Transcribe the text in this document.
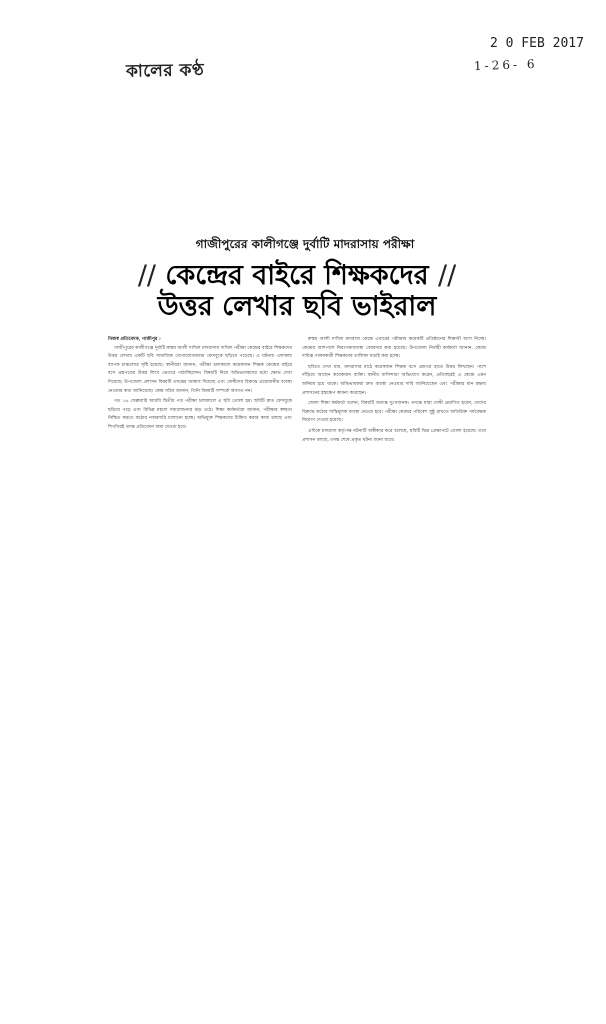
কালের কণ্ঠ
2 0 FEB 2017
1-26- 6
গাজীপুরের কালীগঞ্জে দুর্বাটি মাদরাসায় পরীক্ষা
// কেন্দ্রের বাইরে শিক্ষকদের //
উত্তর লেখার ছবি ভাইরাল
নিজস্ব প্রতিবেদক, গাজীপুর ›

গাজীপুরের কালীগঞ্জে দুর্বাটি রুস্তম আলী দাখিল মাদরাসায় দাখিল পরীক্ষা কেন্দ্রের বাইরে শিক্ষকদের উত্তর লেখার একটি ছবি সামাজিক যোগাযোগমাধ্যম ফেসবুকে ছড়িয়ে পড়েছে। এ ঘটনায় এলাকায় ব্যাপক চাঞ্চল্যের সৃষ্টি হয়েছে। স্থানীয়রা জানান, পরীক্ষা চলাকালে কয়েকজন শিক্ষক কেন্দ্রের বাইরে বসে প্রশ্নপত্রের উত্তর লিখে ভেতরে পাঠাচ্ছিলেন। বিষয়টি নিয়ে অভিভাবকদের মধ্যে ক্ষোভ দেখা দিয়েছে। উপজেলা প্রশাসন বিষয়টি তদন্তের আশ্বাস দিয়েছে এবং দোষীদের বিরুদ্ধে প্রয়োজনীয় ব্যবস্থা নেওয়ার কথা জানিয়েছে। কেন্দ্র সচিব জানান, তিনি বিষয়টি সম্পর্কে অবগত নন।

গত ১৬ ফেব্রুয়ারি আরবি দ্বিতীয় পত্র পরীক্ষা চলাকালে এ ছবি তোলা হয়। ছবিটি দ্রুত ফেসবুকে ছড়িয়ে পড়ে এবং বিভিন্ন মহলে সমালোচনার ঝড় ওঠে। শিক্ষা কর্মকর্তারা জানান, পরীক্ষার স্বচ্ছতা নিশ্চিত করতে কঠোর নজরদারি চালানো হচ্ছে। অভিযুক্ত শিক্ষকদের চিহ্নিত করার কাজ চলছে এবং শিগগিরই তদন্ত প্রতিবেদন জমা দেওয়া হবে।

রুস্তম আলী দাখিল মাদরাসা কেন্দ্রে এবারের পরীক্ষায় কয়েকটি প্রতিষ্ঠানের শিক্ষার্থী অংশ নিচ্ছে। কেন্দ্রের আশপাশে নিরাপত্তাব্যবস্থা জোরদার করা হয়েছে। উপজেলা নির্বাহী কর্মকর্তা জানান, কেন্দ্রে দায়িত্ব পালনকারী শিক্ষকদের তালিকা যাচাই করা হচ্ছে।

ছবিতে দেখা যায়, মাদরাসার মাঠে কয়েকজন শিক্ষক বসে প্রশ্নপত্র হাতে উত্তর লিখছেন। পাশে দাঁড়িয়ে আছেন কয়েকজন ব্যক্তি। স্থানীয় বাসিন্দারা অভিযোগ করেন, প্রতিবছরই এ কেন্দ্রে এমন অনিয়ম হয়ে থাকে। অভিভাবকরা দ্রুত ব্যবস্থা নেওয়ার দাবি জানিয়েছেন এবং পরীক্ষার মান রক্ষায় প্রশাসনের হস্তক্ষেপ কামনা করেছেন।

জেলা শিক্ষা কর্মকর্তা বলেন, বিষয়টি অত্যন্ত দুঃখজনক। তদন্তে যারা দোষী প্রমাণিত হবেন, তাদের বিরুদ্ধে কঠোর শাস্তিমূলক ব্যবস্থা নেওয়া হবে। পরীক্ষা কেন্দ্রের পরিবেশ সুষ্ঠু রাখতে অতিরিক্ত পর্যবেক্ষক নিয়োগ দেওয়া হয়েছে।

এদিকে মাদরাসা কর্তৃপক্ষ ঘটনাটি অস্বীকার করে বলেছে, ছবিটি ভিন্ন প্রেক্ষাপটে তোলা হয়েছে। তবে প্রশাসন বলছে, তদন্ত শেষে প্রকৃত ঘটনা জানা যাবে।
